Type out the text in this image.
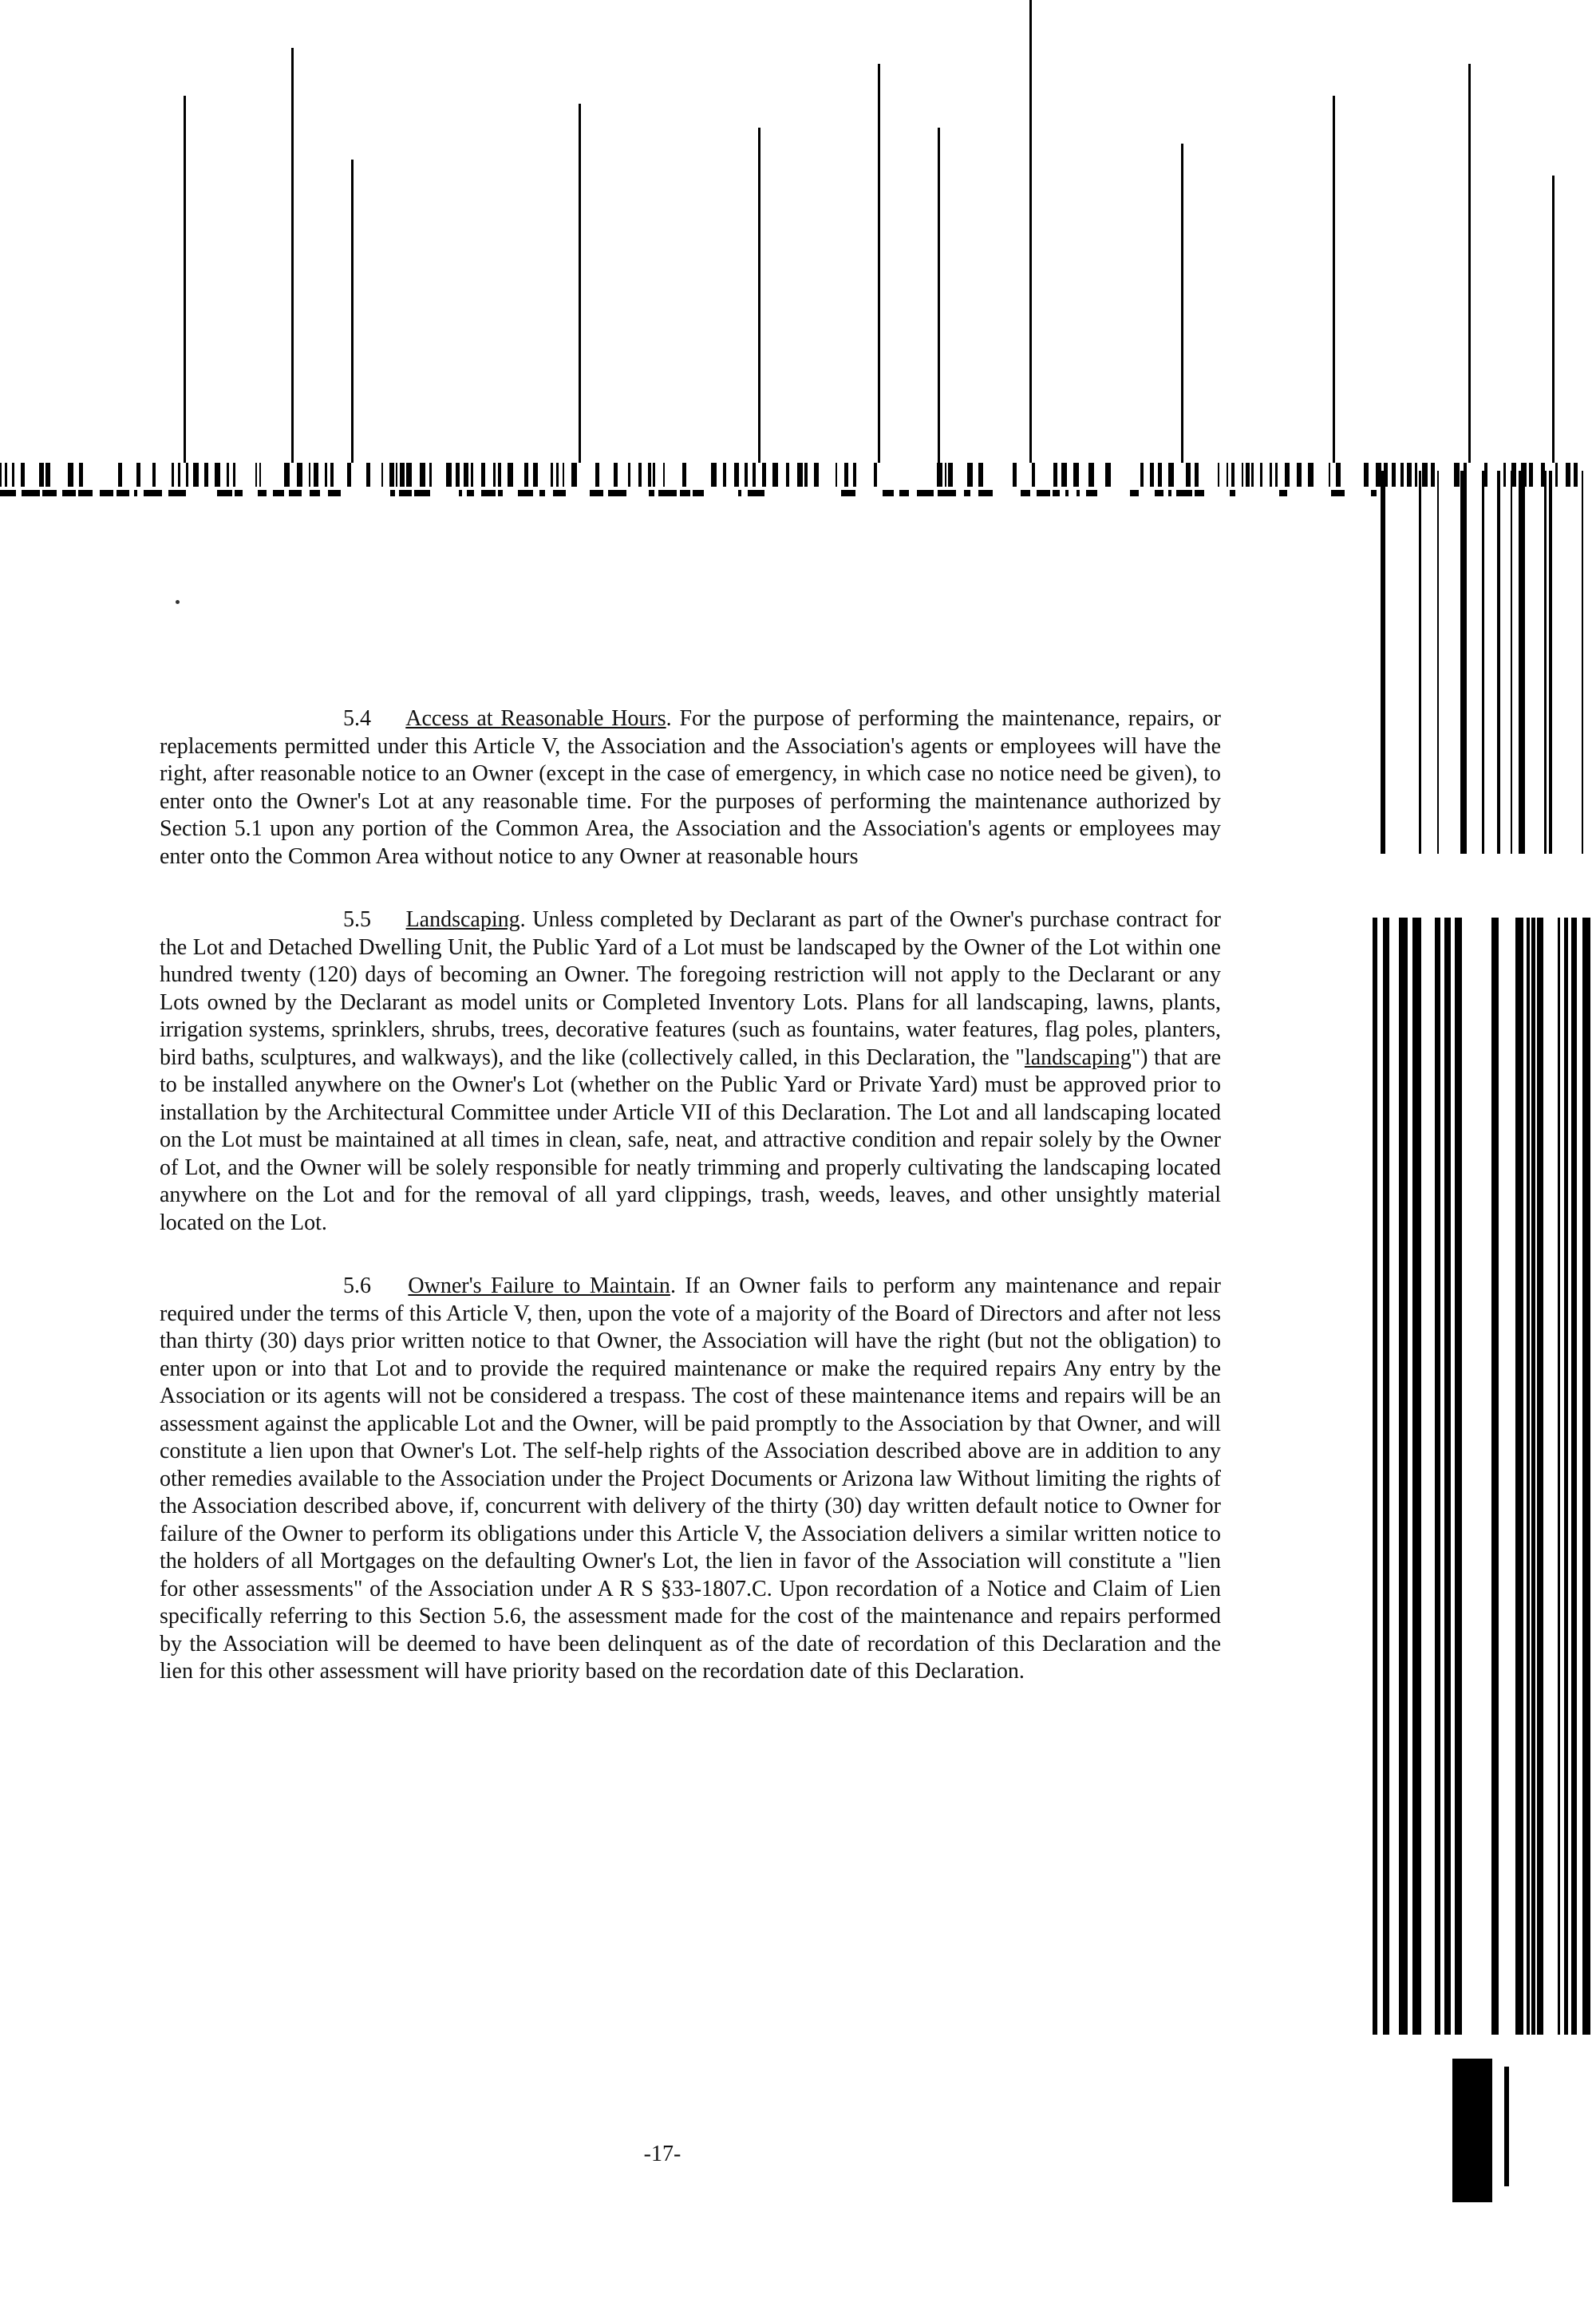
5.4 Access at Reasonable Hours. For the purpose of performing the maintenance, repairs, or replacements permitted under this Article V, the Association and the Association's agents or employees will have the right, after reasonable notice to an Owner (except in the case of emergency, in which case no notice need be given), to enter onto the Owner's Lot at any reasonable time. For the purposes of performing the maintenance authorized by Section 5.1 upon any portion of the Common Area, the Association and the Association's agents or employees may enter onto the Common Area without notice to any Owner at reasonable hours

5.5 Landscaping. Unless completed by Declarant as part of the Owner's purchase contract for the Lot and Detached Dwelling Unit, the Public Yard of a Lot must be landscaped by the Owner of the Lot within one hundred twenty (120) days of becoming an Owner. The foregoing restriction will not apply to the Declarant or any Lots owned by the Declarant as model units or Completed Inventory Lots. Plans for all landscaping, lawns, plants, irrigation systems, sprinklers, shrubs, trees, decorative features (such as fountains, water features, flag poles, planters, bird baths, sculptures, and walkways), and the like (collectively called, in this Declaration, the "landscaping") that are to be installed anywhere on the Owner's Lot (whether on the Public Yard or Private Yard) must be approved prior to installation by the Architectural Committee under Article VII of this Declaration. The Lot and all landscaping located on the Lot must be maintained at all times in clean, safe, neat, and attractive condition and repair solely by the Owner of Lot, and the Owner will be solely responsible for neatly trimming and properly cultivating the landscaping located anywhere on the Lot and for the removal of all yard clippings, trash, weeds, leaves, and other unsightly material located on the Lot.

5.6 Owner's Failure to Maintain. If an Owner fails to perform any maintenance and repair required under the terms of this Article V, then, upon the vote of a majority of the Board of Directors and after not less than thirty (30) days prior written notice to that Owner, the Association will have the right (but not the obligation) to enter upon or into that Lot and to provide the required maintenance or make the required repairs Any entry by the Association or its agents will not be considered a trespass. The cost of these maintenance items and repairs will be an assessment against the applicable Lot and the Owner, will be paid promptly to the Association by that Owner, and will constitute a lien upon that Owner's Lot. The self-help rights of the Association described above are in addition to any other remedies available to the Association under the Project Documents or Arizona law Without limiting the rights of the Association described above, if, concurrent with delivery of the thirty (30) day written default notice to Owner for failure of the Owner to perform its obligations under this Article V, the Association delivers a similar written notice to the holders of all Mortgages on the defaulting Owner's Lot, the lien in favor of the Association will constitute a "lien for other assessments" of the Association under A R S §33-1807.C. Upon recordation of a Notice and Claim of Lien specifically referring to this Section 5.6, the assessment made for the cost of the maintenance and repairs performed by the Association will be deemed to have been delinquent as of the date of recordation of this Declaration and the lien for this other assessment will have priority based on the recordation date of this Declaration.

-17-
